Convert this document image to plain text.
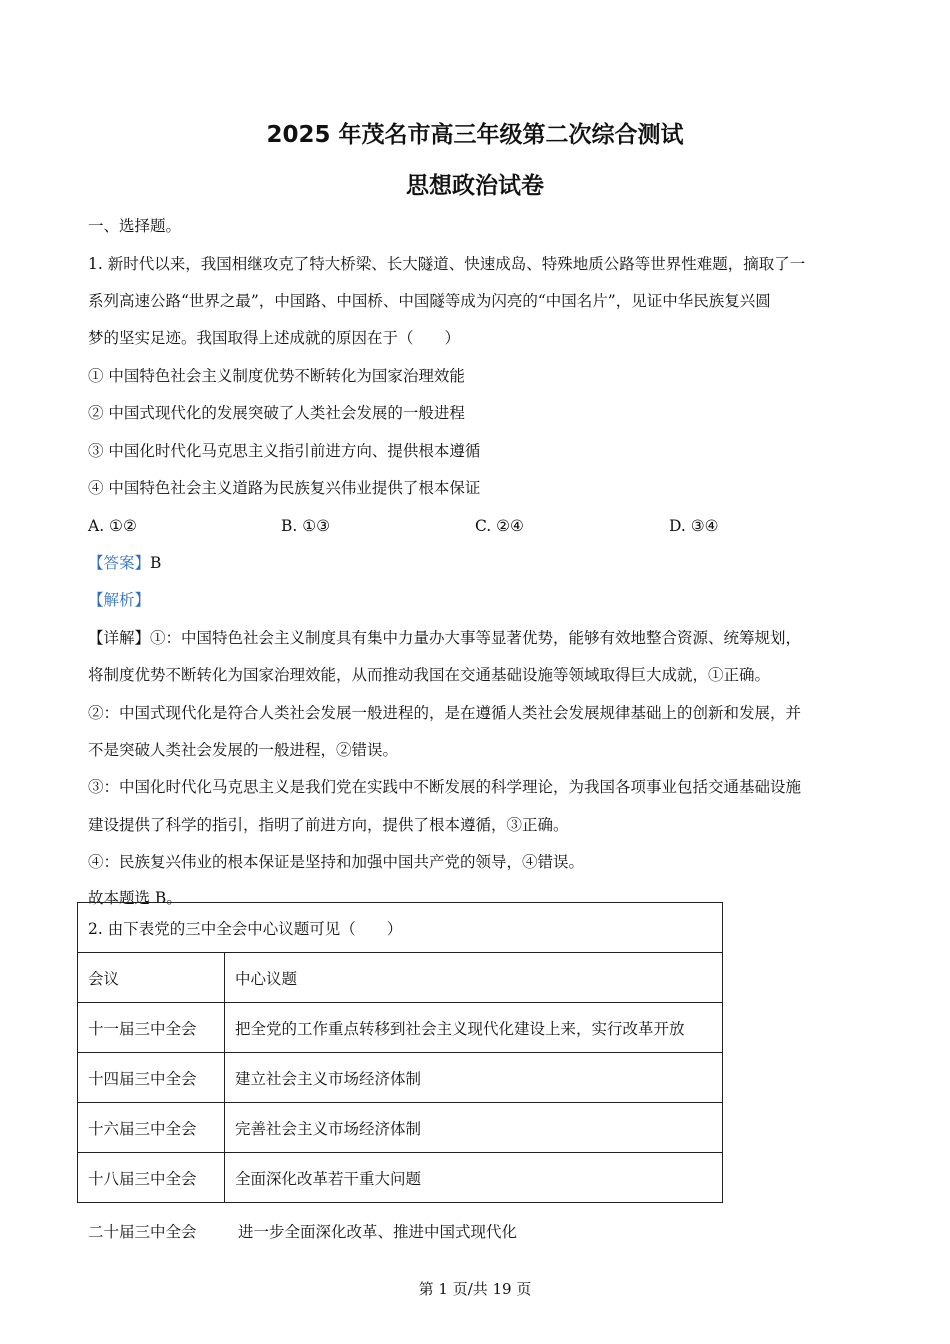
2025 年茂名市高三年级第二次综合测试
思想政治试卷
一、选择题。
1. 新时代以来，我国相继攻克了特大桥梁、长大隧道、快速成岛、特殊地质公路等世界性难题，摘取了一
系列高速公路“世界之最”，中国路、中国桥、中国隧等成为闪亮的“中国名片”，见证中华民族复兴圆
梦的坚实足迹。我国取得上述成就的原因在于（　　）
① 中国特色社会主义制度优势不断转化为国家治理效能
② 中国式现代化的发展突破了人类社会发展的一般进程
③ 中国化时代化马克思主义指引前进方向、提供根本遵循
④ 中国特色社会主义道路为民族复兴伟业提供了根本保证
A. ①②	B. ①③	C. ②④	D. ③④
【答案】B
【解析】
【详解】①：中国特色社会主义制度具有集中力量办大事等显著优势，能够有效地整合资源、统筹规划，
将制度优势不断转化为国家治理效能，从而推动我国在交通基础设施等领域取得巨大成就，①正确。
②：中国式现代化是符合人类社会发展一般进程的，是在遵循人类社会发展规律基础上的创新和发展，并
不是突破人类社会发展的一般进程，②错误。
③：中国化时代化马克思主义是我们党在实践中不断发展的科学理论，为我国各项事业包括交通基础设施
建设提供了科学的指引，指明了前进方向，提供了根本遵循，③正确。
④：民族复兴伟业的根本保证是坚持和加强中国共产党的领导，④错误。
故本题选 B。
2. 由下表党的三中全会中心议题可见（　　）	
会议	中心议题
十一届三中全会	把全党的工作重点转移到社会主义现代化建设上来，实行改革开放
十四届三中全会	建立社会主义市场经济体制
十六届三中全会	完善社会主义市场经济体制
十八届三中全会	全面深化改革若干重大问题
二十届三中全会	进一步全面深化改革、推进中国式现代化
第 1 页/共 19 页
